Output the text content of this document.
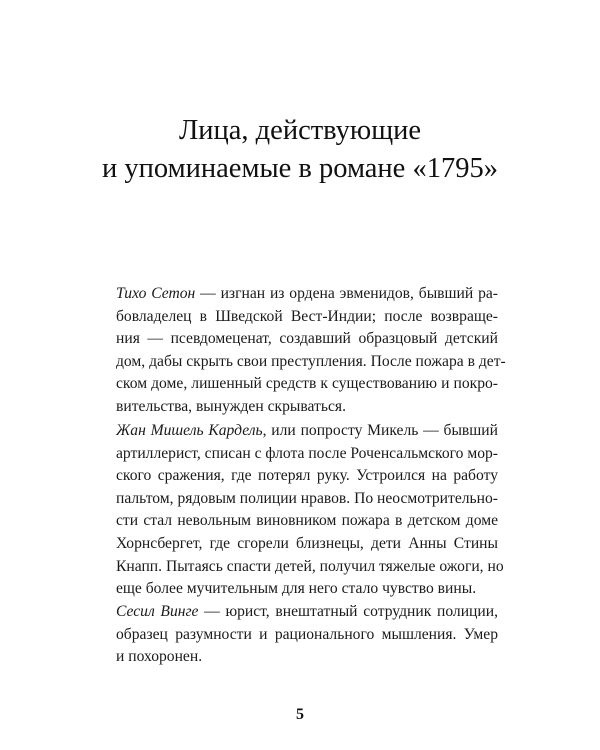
Лица, действующие
и упоминаемые в романе «1795»
Тихо Сетон — изгнан из ордена эвменидов, бывший ра-
бовладелец в Шведской Вест-Индии; после возвраще-
ния — псевдомеценат, создавший образцовый детский
дом, дабы скрыть свои преступления. После пожара в дет-
ском доме, лишенный средств к существованию и покро-
вительства, вынужден скрываться.
Жан Мишель Кардель, или попросту Микель — бывший
артиллерист, списан с флота после Роченсальмского мор-
ского сражения, где потерял руку. Устроился на работу
пальтом, рядовым полиции нравов. По неосмотрительно-
сти стал невольным виновником пожара в детском доме
Хорнсбергет, где сгорели близнецы, дети Анны Стины
Кнапп. Пытаясь спасти детей, получил тяжелые ожоги, но
еще более мучительным для него стало чувство вины.
Сесил Винге — юрист, внештатный сотрудник полиции,
образец разумности и рационального мышления. Умер
и похоронен.
5
